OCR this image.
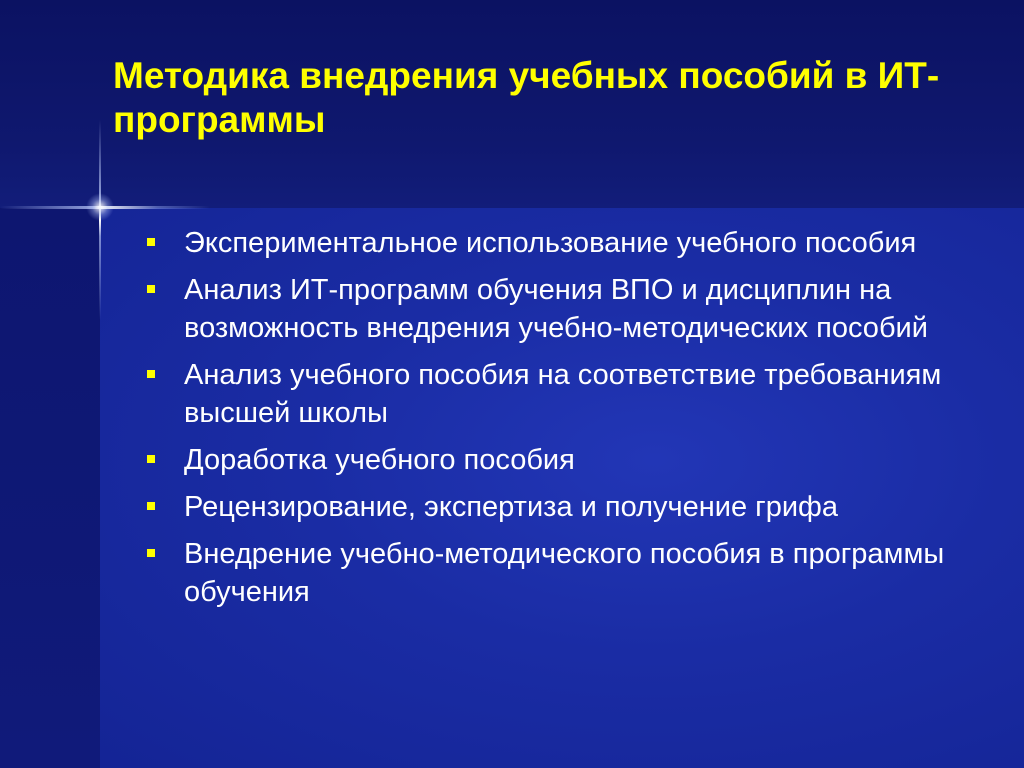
Методика внедрения учебных пособий в ИТ-программы
Экспериментальное использование учебного пособия
Анализ ИТ-программ обучения ВПО и дисциплин на возможность внедрения учебно-методических пособий
Анализ учебного пособия на соответствие требованиям высшей школы
Доработка учебного пособия
Рецензирование, экспертиза и получение грифа
Внедрение учебно-методического пособия в программы обучения
